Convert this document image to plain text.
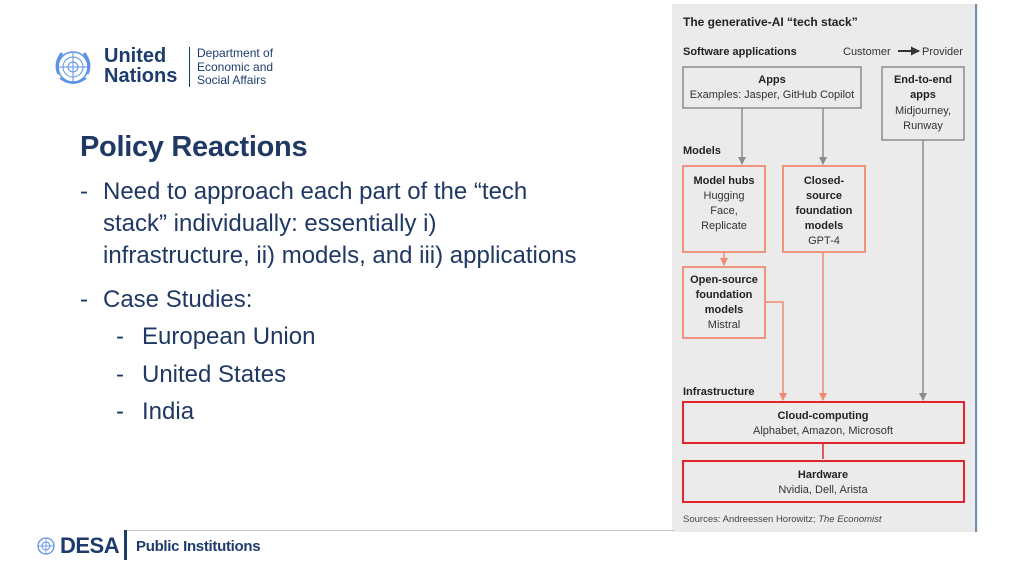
United
Nations
Department of
Economic and
Social Affairs
Policy Reactions
- Need to approach each part of the “tech
stack” individually: essentially i)
infrastructure, ii) models, and iii) applications
- Case Studies:
- European Union
- United States
- India
The generative-AI “tech stack”
Software applications	Customer	Provider
Apps
Examples: Jasper, GitHub Copilot
End-to-end
apps
Midjourney,
Runway
Models
Model hubs
Hugging
Face,
Replicate
Closed-
source
foundation
models
GPT-4
Open-source
foundation
models
Mistral
Infrastructure
Cloud-computing
Alphabet, Amazon, Microsoft
Hardware
Nvidia, Dell, Arista
Sources: Andreessen Horowitz; The Economist
DESA Public Institutions
